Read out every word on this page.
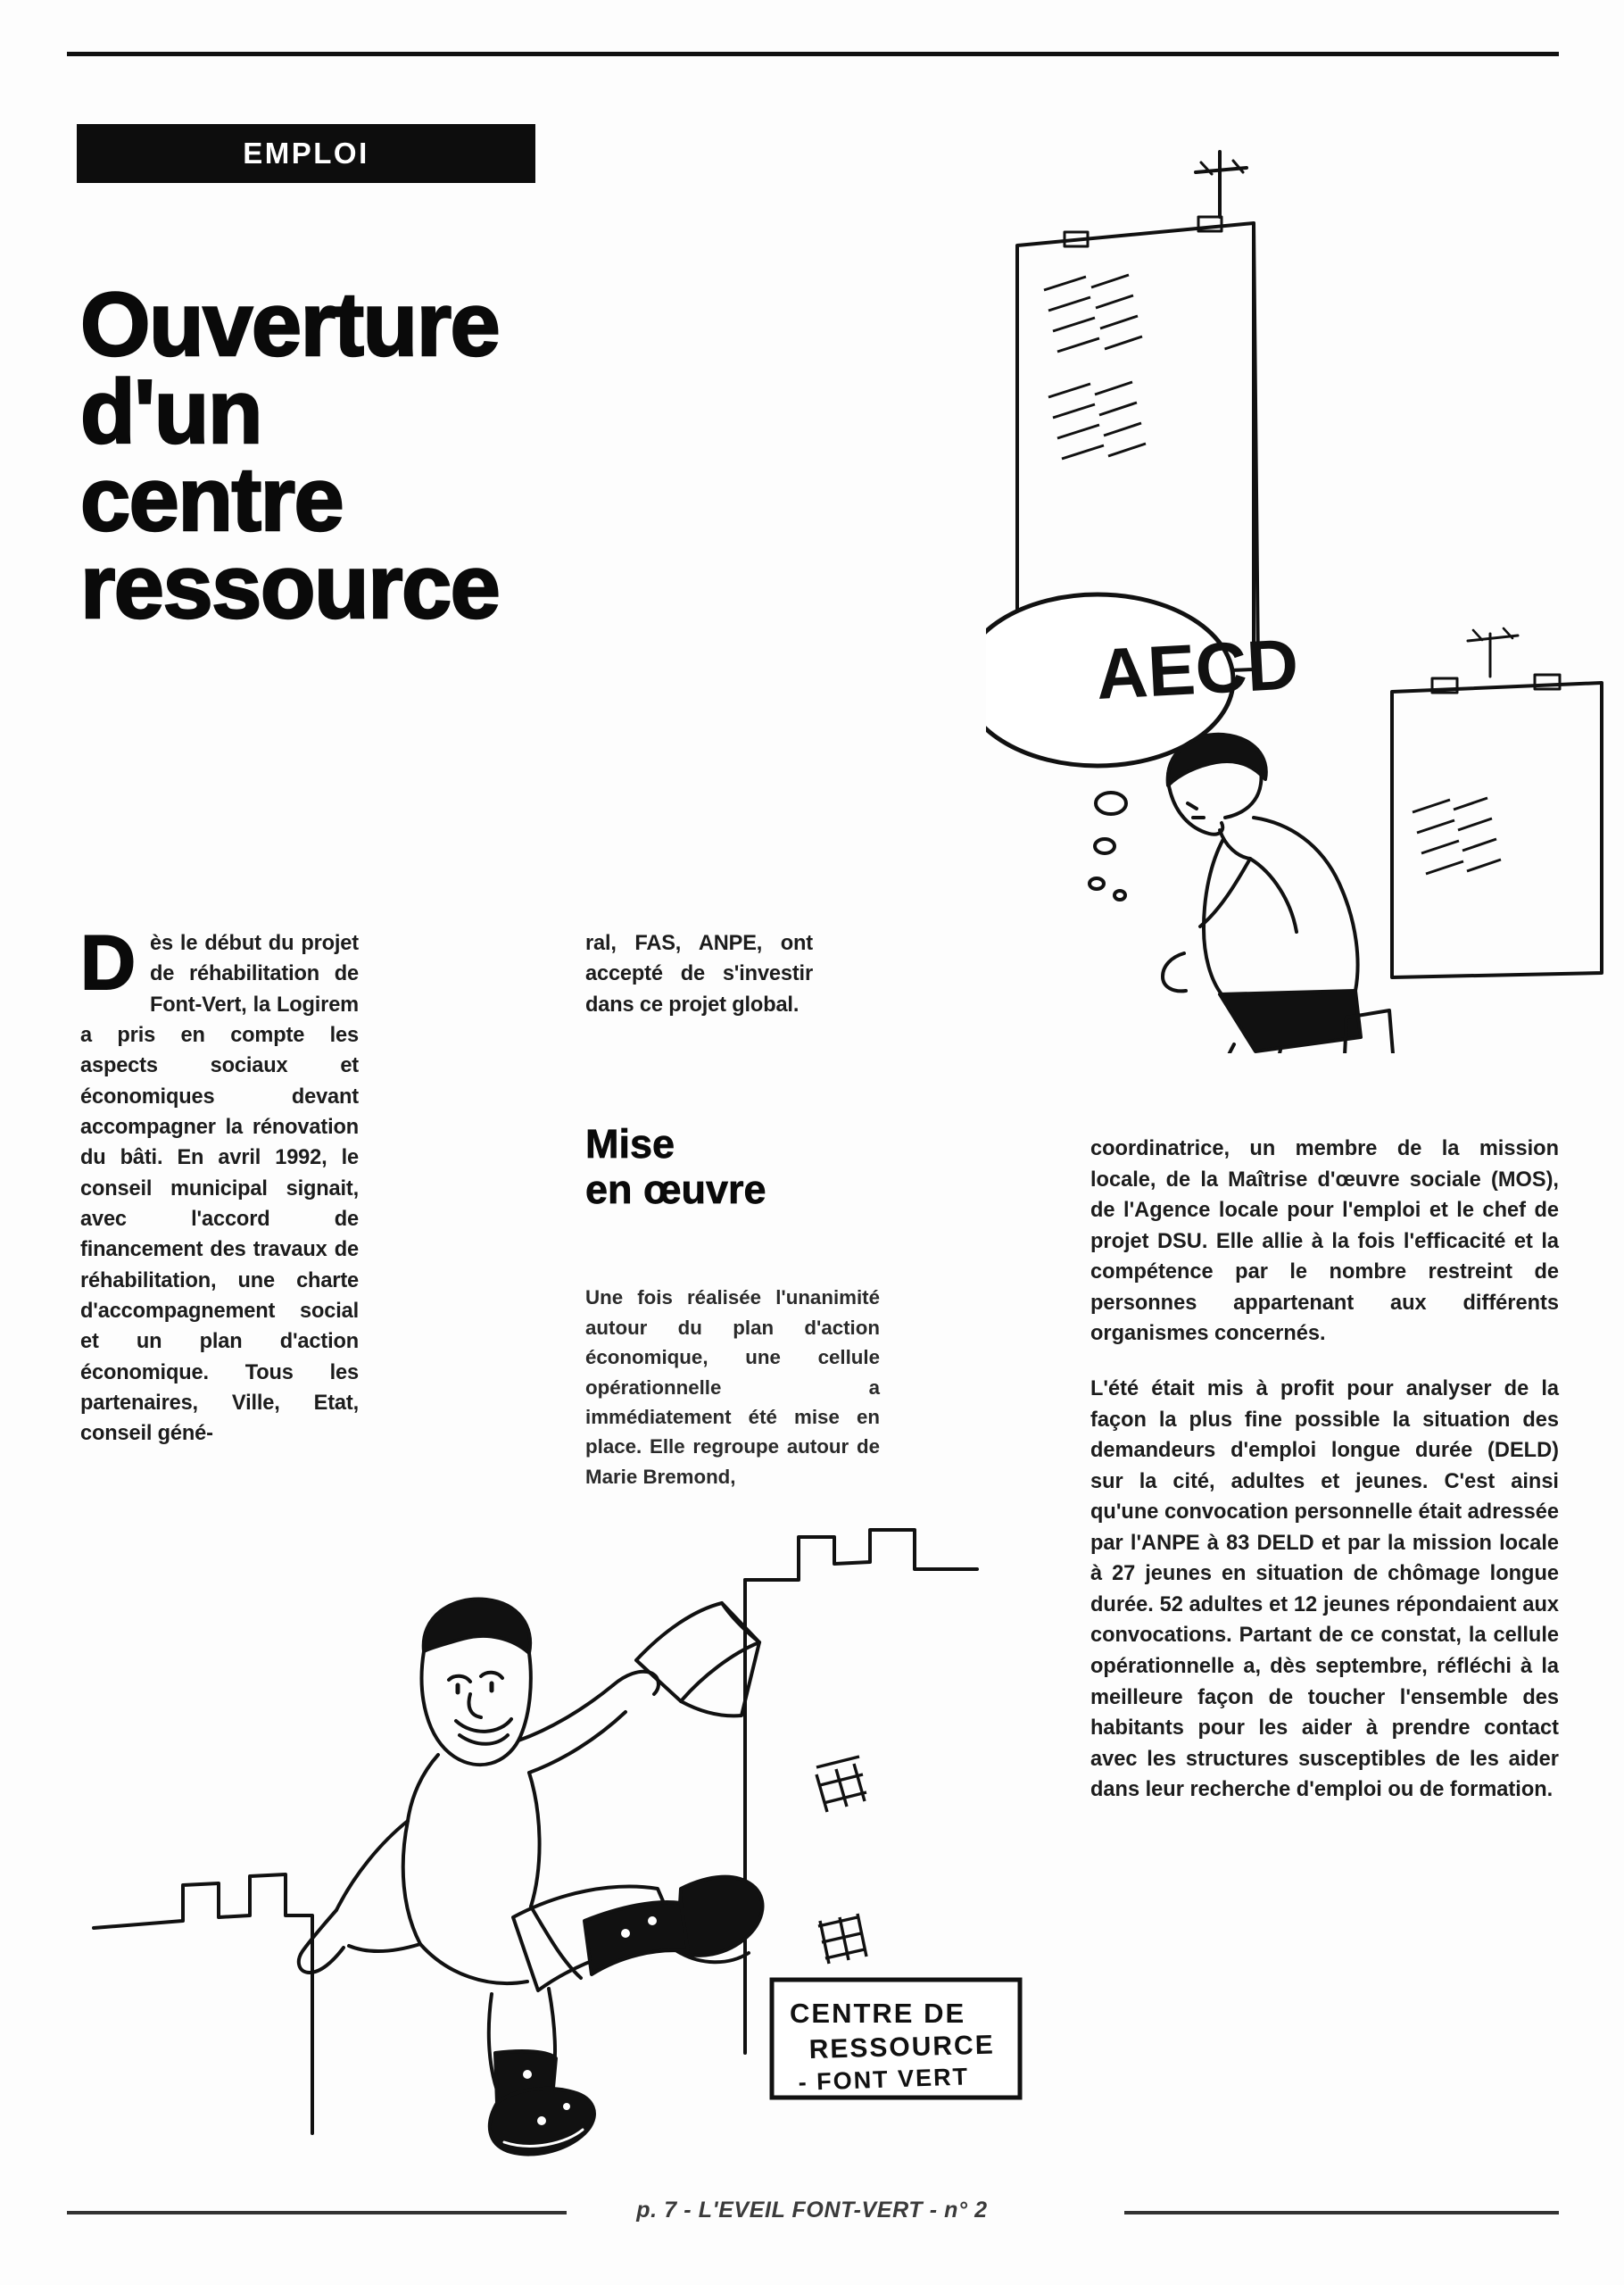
EMPLOI
Ouverture
d'un
centre
ressource
AECD

Dès le début du projet de réhabilitation de Font-Vert, la Logirem a pris en compte les aspects sociaux et économiques devant accompagner la rénovation du bâti. En avril 1992, le conseil municipal signait, avec l'accord de financement des travaux de réhabilitation, une charte d'accompagnement social et un plan d'action économique. Tous les partenaires, Ville, Etat, conseil géné-

ral, FAS, ANPE, ont accepté de s'investir dans ce projet global.

Mise
en œuvre

Une fois réalisée l'unanimité autour du plan d'action économique, une cellule opérationnelle a immédiatement été mise en place. Elle regroupe autour de Marie Bremond,

coordinatrice, un membre de la mission locale, de la Maîtrise d'œuvre sociale (MOS), de l'Agence locale pour l'emploi et le chef de projet DSU. Elle allie à la fois l'efficacité et la compétence par le nombre restreint de personnes appartenant aux différents organismes concernés.

L'été était mis à profit pour analyser de la façon la plus fine possible la situation des demandeurs d'emploi longue durée (DELD) sur la cité, adultes et jeunes. C'est ainsi qu'une convocation personnelle était adressée par l'ANPE à 83 DELD et par la mission locale à 27 jeunes en situation de chômage longue durée. 52 adultes et 12 jeunes répondaient aux convocations. Partant de ce constat, la cellule opérationnelle a, dès septembre, réfléchi à la meilleure façon de toucher l'ensemble des habitants pour les aider à prendre contact avec les structures susceptibles de les aider dans leur recherche d'emploi ou de formation.

CENTRE DE
RESSOURCE
- FONT VERT
p. 7 - L'EVEIL FONT-VERT - n° 2
